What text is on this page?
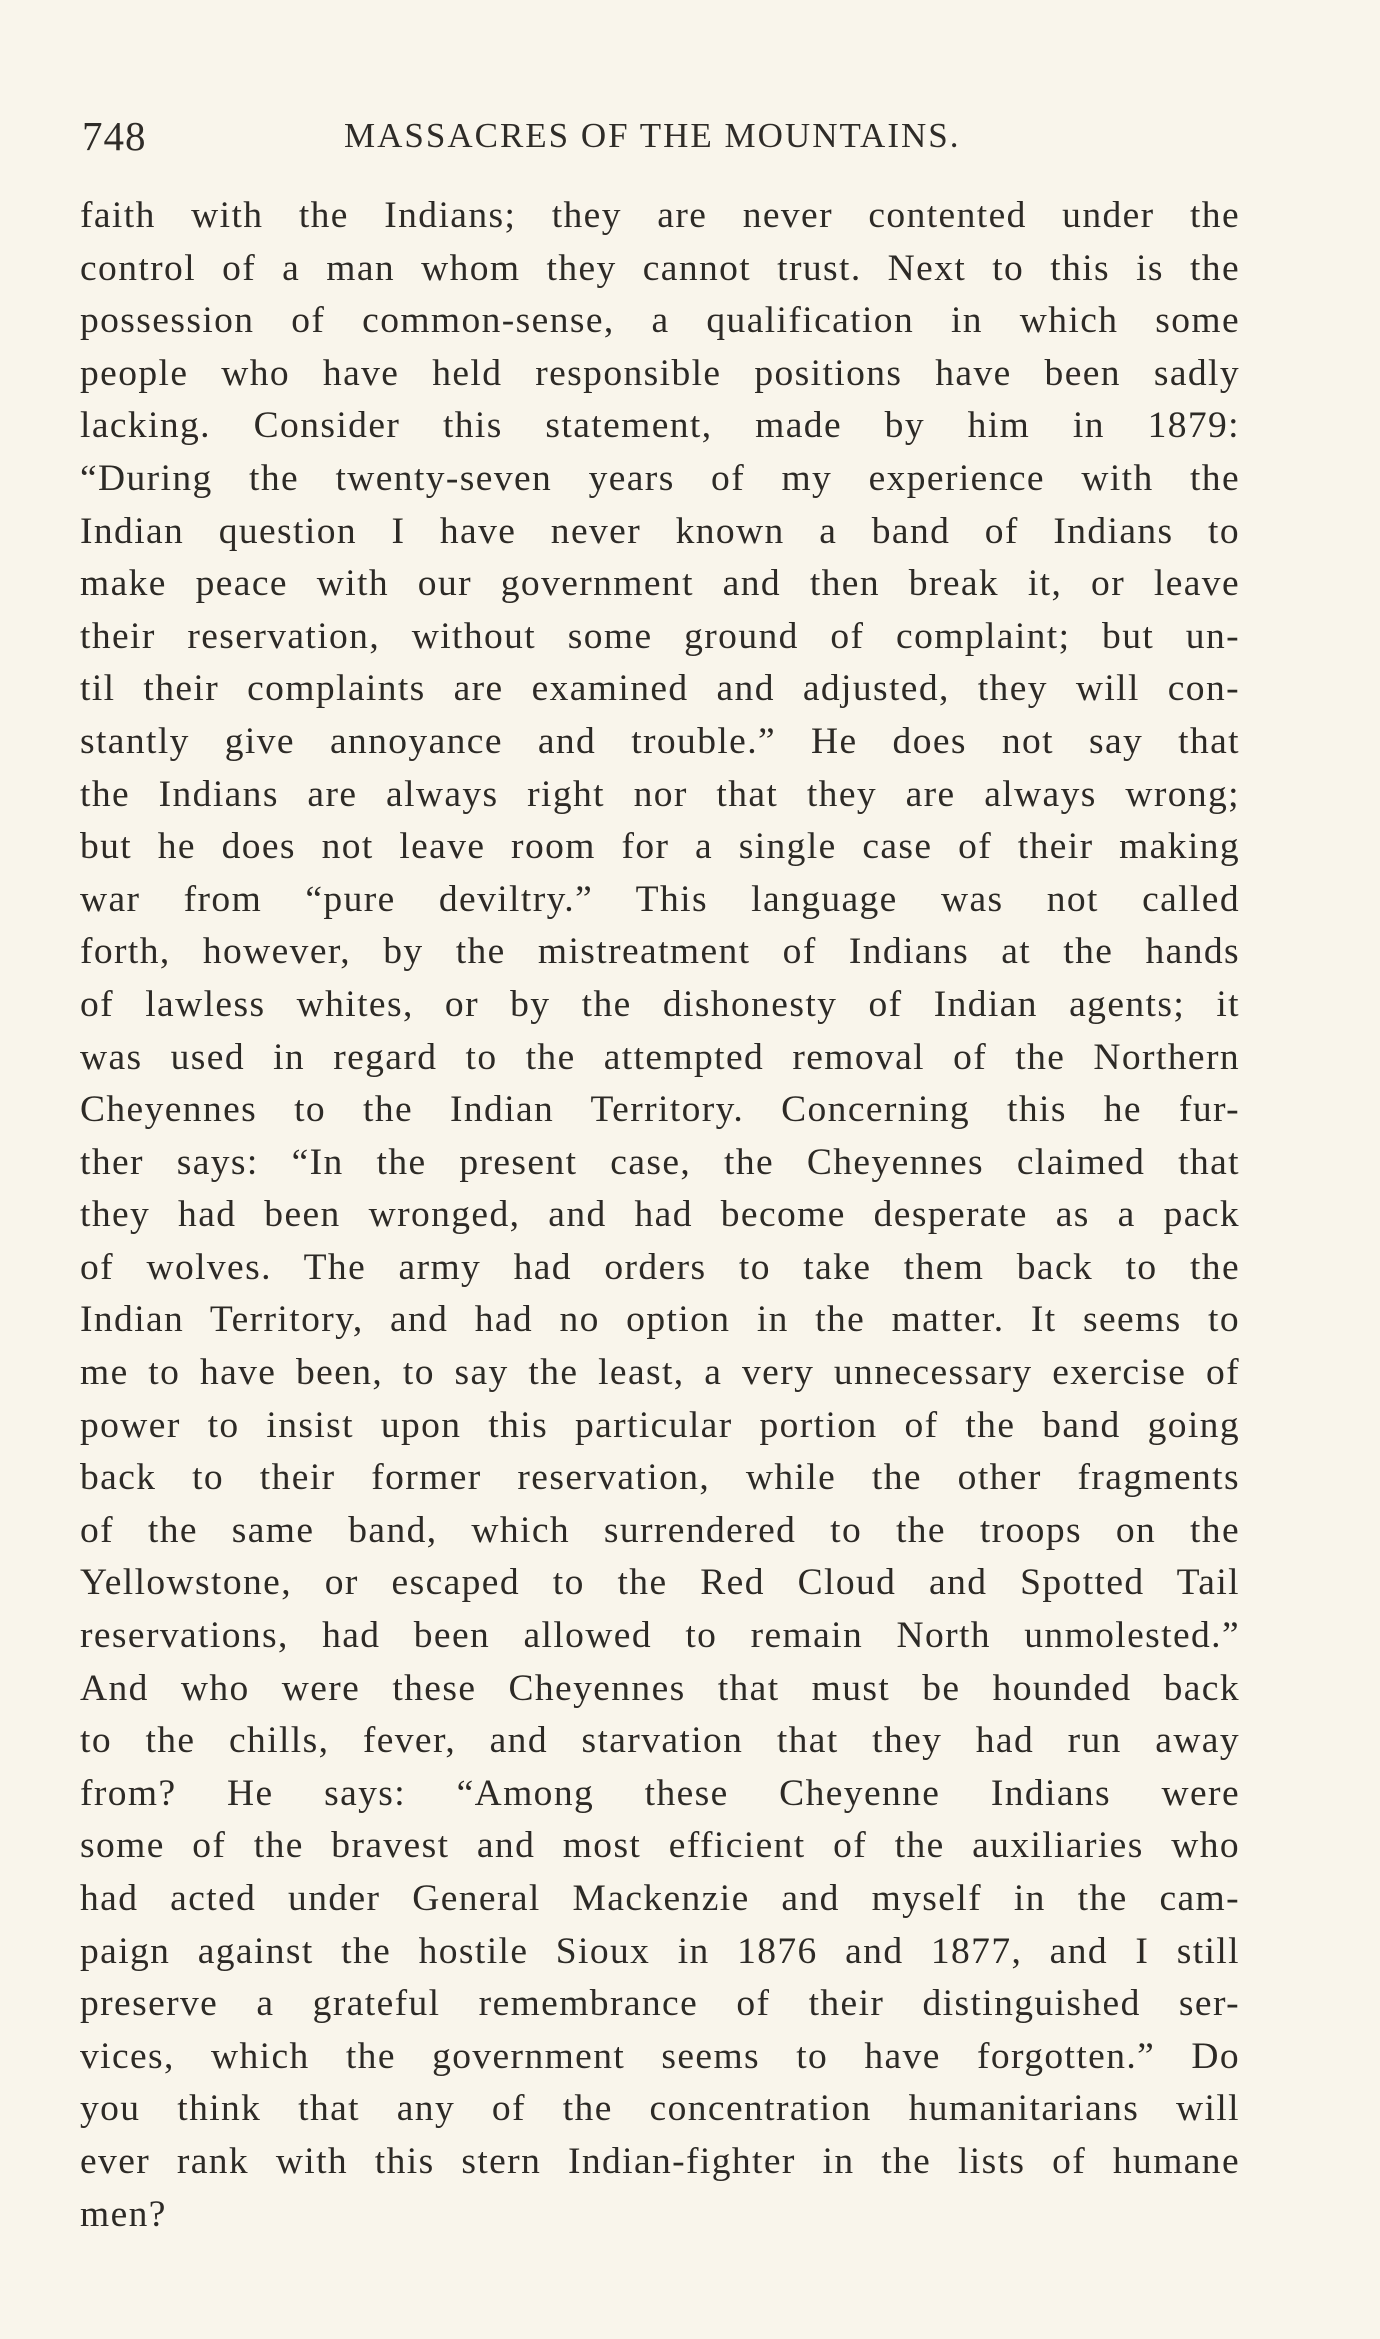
748	MASSACRES OF THE MOUNTAINS.
faith with the Indians; they are never contented under the
control of a man whom they cannot trust. Next to this is the
possession of common-sense, a qualification in which some
people who have held responsible positions have been sadly
lacking. Consider this statement, made by him in 1879:
“During the twenty-seven years of my experience with the
Indian question I have never known a band of Indians to
make peace with our government and then break it, or leave
their reservation, without some ground of complaint; but un-
til their complaints are examined and adjusted, they will con-
stantly give annoyance and trouble.” He does not say that
the Indians are always right nor that they are always wrong;
but he does not leave room for a single case of their making
war from “pure deviltry.” This language was not called
forth, however, by the mistreatment of Indians at the hands
of lawless whites, or by the dishonesty of Indian agents; it
was used in regard to the attempted removal of the Northern
Cheyennes to the Indian Territory. Concerning this he fur-
ther says: “In the present case, the Cheyennes claimed that
they had been wronged, and had become desperate as a pack
of wolves. The army had orders to take them back to the
Indian Territory, and had no option in the matter. It seems to
me to have been, to say the least, a very unnecessary exercise of
power to insist upon this particular portion of the band going
back to their former reservation, while the other fragments
of the same band, which surrendered to the troops on the
Yellowstone, or escaped to the Red Cloud and Spotted Tail
reservations, had been allowed to remain North unmolested.”
And who were these Cheyennes that must be hounded back
to the chills, fever, and starvation that they had run away
from? He says: “Among these Cheyenne Indians were
some of the bravest and most efficient of the auxiliaries who
had acted under General Mackenzie and myself in the cam-
paign against the hostile Sioux in 1876 and 1877, and I still
preserve a grateful remembrance of their distinguished ser-
vices, which the government seems to have forgotten.” Do
you think that any of the concentration humanitarians will
ever rank with this stern Indian-fighter in the lists of humane
men?
